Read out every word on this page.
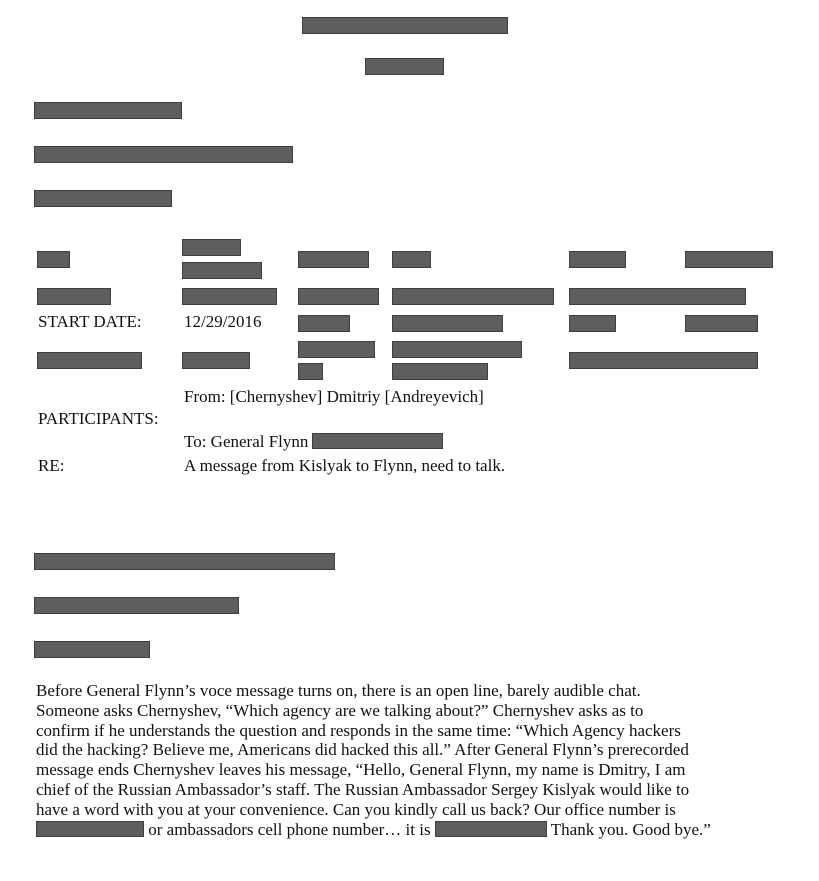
START DATE: 12/29/2016
From: [Chernyshev] Dmitriy [Andreyevich]
PARTICIPANTS:
To: General Flynn
RE:	A message from Kislyak to Flynn, need to talk.

Before General Flynn’s voce message turns on, there is an open line, barely audible chat.

Someone asks Chernyshev, “Which agency are we talking about?” Chernyshev asks as to

confirm if he understands the question and responds in the same time: “Which Agency hackers

did the hacking? Believe me, Americans did hacked this all.” After General Flynn’s prerecorded

message ends Chernyshev leaves his message, “Hello, General Flynn, my name is Dmitry, I am

chief of the Russian Ambassador’s staff. The Russian Ambassador Sergey Kislyak would like to

have a word with you at your convenience. Can you kindly call us back? Our office number is

or ambassadors cell phone number… it is	Thank you. Good bye.”
